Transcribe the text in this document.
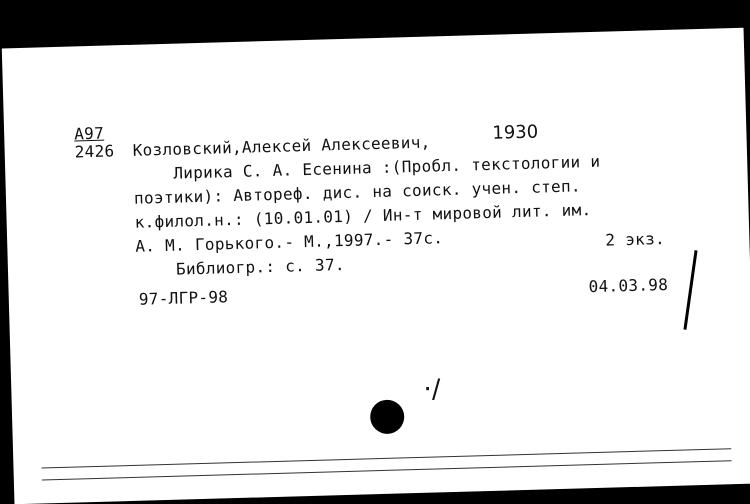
А97
2426 Козловский,Алексей Алексеевич,	1930
Лирика С. А. Есенина :(Пробл. текстологии и
поэтики): Автореф. дис. на соиск. учен. степ.
к.филол.н.: (10.01.01) / Ин-т мировой лит. им.
А. М. Горького.- М.,1997.- 37с.	2 экз.
Библиогр.: с. 37.
97-ЛГР-98
04.03.98
·/
